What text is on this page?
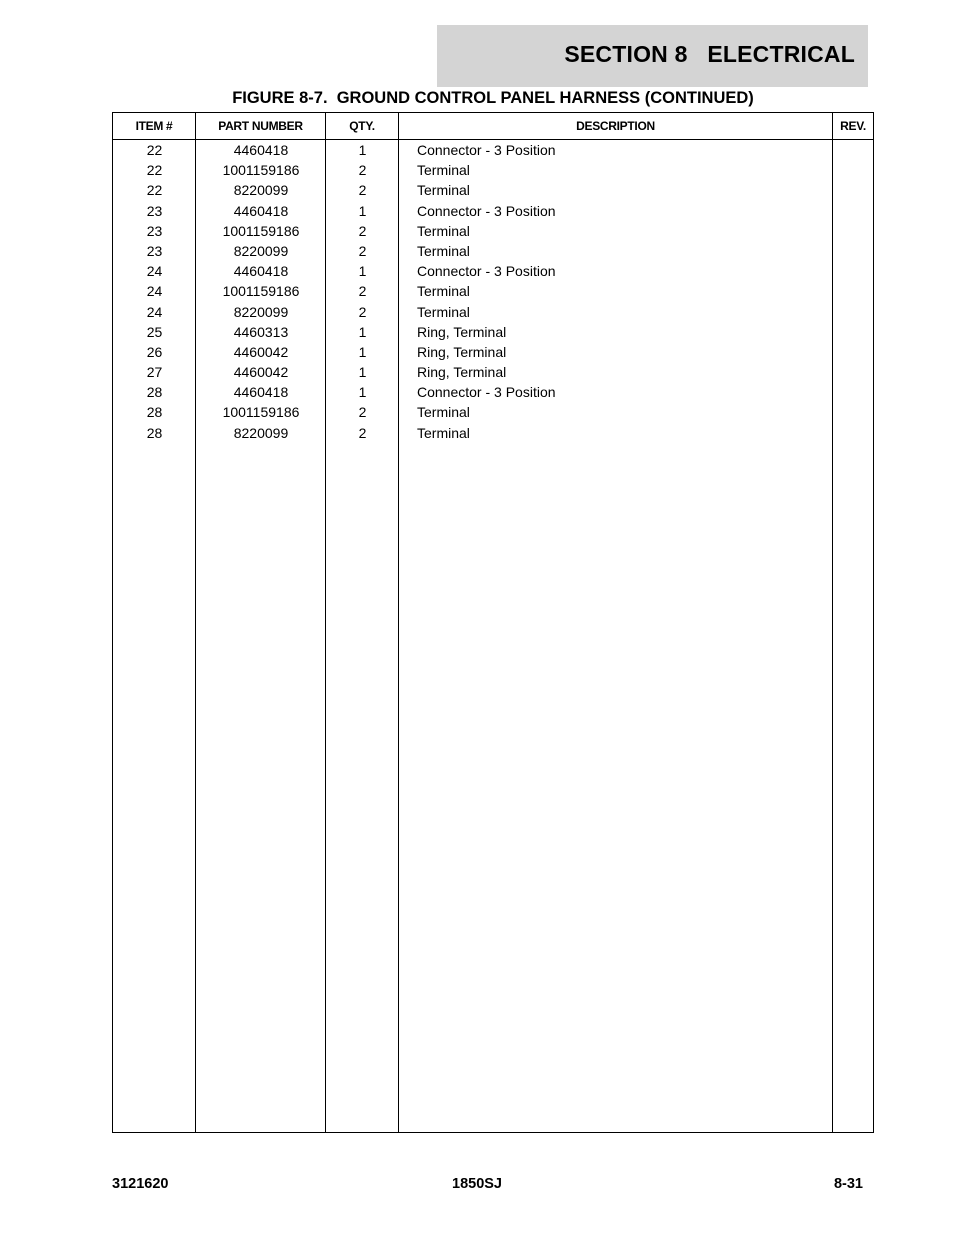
SECTION 8   ELECTRICAL
FIGURE 8-7.  GROUND CONTROL PANEL HARNESS (CONTINUED)
ITEM #	PART NUMBER	QTY.	DESCRIPTION	REV.
22	4460418	1	Connector - 3 Position
22	1001159186	2	Terminal
22	8220099	2	Terminal
23	4460418	1	Connector - 3 Position
23	1001159186	2	Terminal
23	8220099	2	Terminal
24	4460418	1	Connector - 3 Position
24	1001159186	2	Terminal
24	8220099	2	Terminal
25	4460313	1	Ring, Terminal
26	4460042	1	Ring, Terminal
27	4460042	1	Ring, Terminal
28	4460418	1	Connector - 3 Position
28	1001159186	2	Terminal
28	8220099	2	Terminal
3121620	1850SJ	8-31
